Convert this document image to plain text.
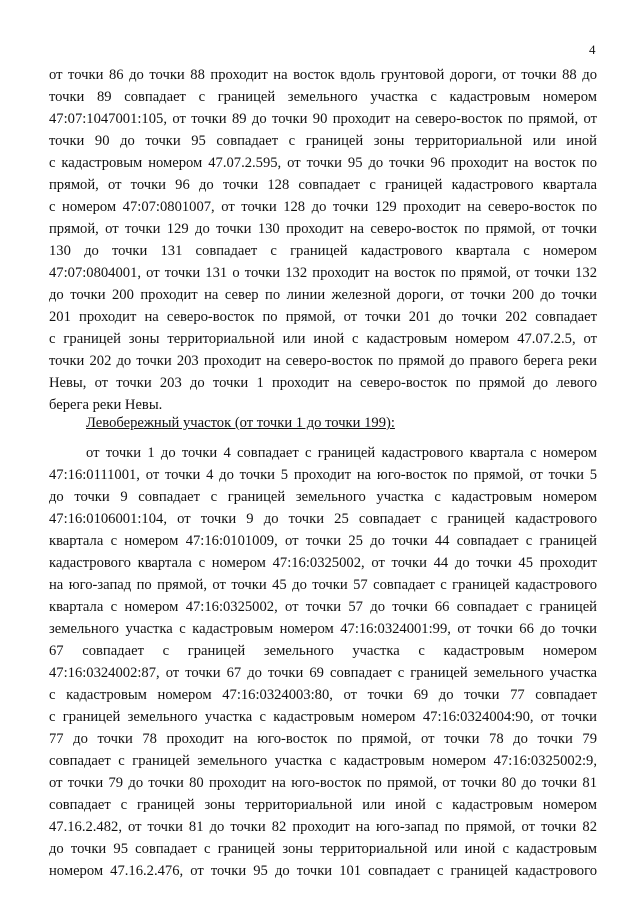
4
от точки 86 до точки 88 проходит на восток вдоль грунтовой дороги, от точки 88 до
точки 89 совпадает с границей земельного участка с кадастровым номером
47:07:1047001:105, от точки 89 до точки 90 проходит на северо-восток по прямой, от
точки 90 до точки 95 совпадает с границей зоны территориальной или иной
с кадастровым номером 47.07.2.595, от точки 95 до точки 96 проходит на восток по
прямой, от точки 96 до точки 128 совпадает с границей кадастрового квартала
с номером 47:07:0801007, от точки 128 до точки 129 проходит на северо-восток по
прямой, от точки 129 до точки 130 проходит на северо-восток по прямой, от точки
130 до точки 131 совпадает с границей кадастрового квартала с номером
47:07:0804001, от точки 131 о точки 132 проходит на восток по прямой, от точки 132
до точки 200 проходит на север по линии железной дороги, от точки 200 до точки
201 проходит на северо-восток по прямой, от точки 201 до точки 202 совпадает
с границей зоны территориальной или иной с кадастровым номером 47.07.2.5, от
точки 202 до точки 203 проходит на северо-восток по прямой до правого берега реки
Невы, от точки 203 до точки 1 проходит на северо-восток по прямой до левого
берега реки Невы.
Левобережный участок (от точки 1 до точки 199):
от точки 1 до точки 4 совпадает с границей кадастрового квартала с номером
47:16:0111001, от точки 4 до точки 5 проходит на юго-восток по прямой, от точки 5
до точки 9 совпадает с границей земельного участка с кадастровым номером
47:16:0106001:104, от точки 9 до точки 25 совпадает с границей кадастрового
квартала с номером 47:16:0101009, от точки 25 до точки 44 совпадает с границей
кадастрового квартала с номером 47:16:0325002, от точки 44 до точки 45 проходит
на юго-запад по прямой, от точки 45 до точки 57 совпадает с границей кадастрового
квартала с номером 47:16:0325002, от точки 57 до точки 66 совпадает с границей
земельного участка с кадастровым номером 47:16:0324001:99, от точки 66 до точки
67 совпадает с границей земельного участка с кадастровым номером
47:16:0324002:87, от точки 67 до точки 69 совпадает с границей земельного участка
с кадастровым номером 47:16:0324003:80, от точки 69 до точки 77 совпадает
с границей земельного участка с кадастровым номером 47:16:0324004:90, от точки
77 до точки 78 проходит на юго-восток по прямой, от точки 78 до точки 79
совпадает с границей земельного участка с кадастровым номером 47:16:0325002:9,
от точки 79 до точки 80 проходит на юго-восток по прямой, от точки 80 до точки 81
совпадает с границей зоны территориальной или иной с кадастровым номером
47.16.2.482, от точки 81 до точки 82 проходит на юго-запад по прямой, от точки 82
до точки 95 совпадает с границей зоны территориальной или иной с кадастровым
номером 47.16.2.476, от точки 95 до точки 101 совпадает с границей кадастрового
